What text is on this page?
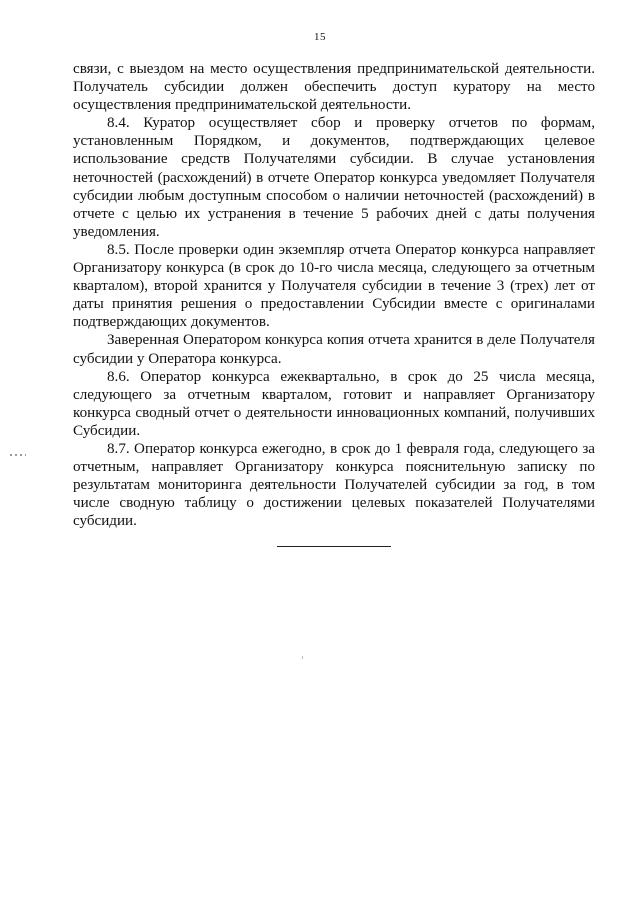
15

связи, с выездом на место осуществления предпринимательской деятельности. Получатель субсидии должен обеспечить доступ куратору на место осуществления предпринимательской деятельности.

8.4. Куратор осуществляет сбор и проверку отчетов по формам, установленным Порядком, и документов, подтверждающих целевое использование средств Получателями субсидии. В случае установления неточностей (расхождений) в отчете Оператор конкурса уведомляет Получателя субсидии любым доступным способом о наличии неточностей (расхождений) в отчете с целью их устранения в течение 5 рабочих дней с даты получения уведомления.

8.5. После проверки один экземпляр отчета Оператор конкурса направляет Организатору конкурса (в срок до 10-го числа месяца, следующего за отчетным кварталом), второй хранится у Получателя субсидии в течение 3 (трех) лет от даты принятия решения о предоставлении Субсидии вместе с оригиналами подтверждающих документов.

Заверенная Оператором конкурса копия отчета хранится в деле Получателя субсидии у Оператора конкурса.

8.6. Оператор конкурса ежеквартально, в срок до 25 числа месяца, следующего за отчетным кварталом, готовит и направляет Организатору конкурса сводный отчет о деятельности инновационных компаний, получивших Субсидии.

8.7. Оператор конкурса ежегодно, в срок до 1 февраля года, следующего за отчетным, направляет Организатору конкурса пояснительную записку по результатам мониторинга деятельности Получателей субсидии за год, в том числе сводную таблицу о достижении целевых показателей Получателями субсидии.
